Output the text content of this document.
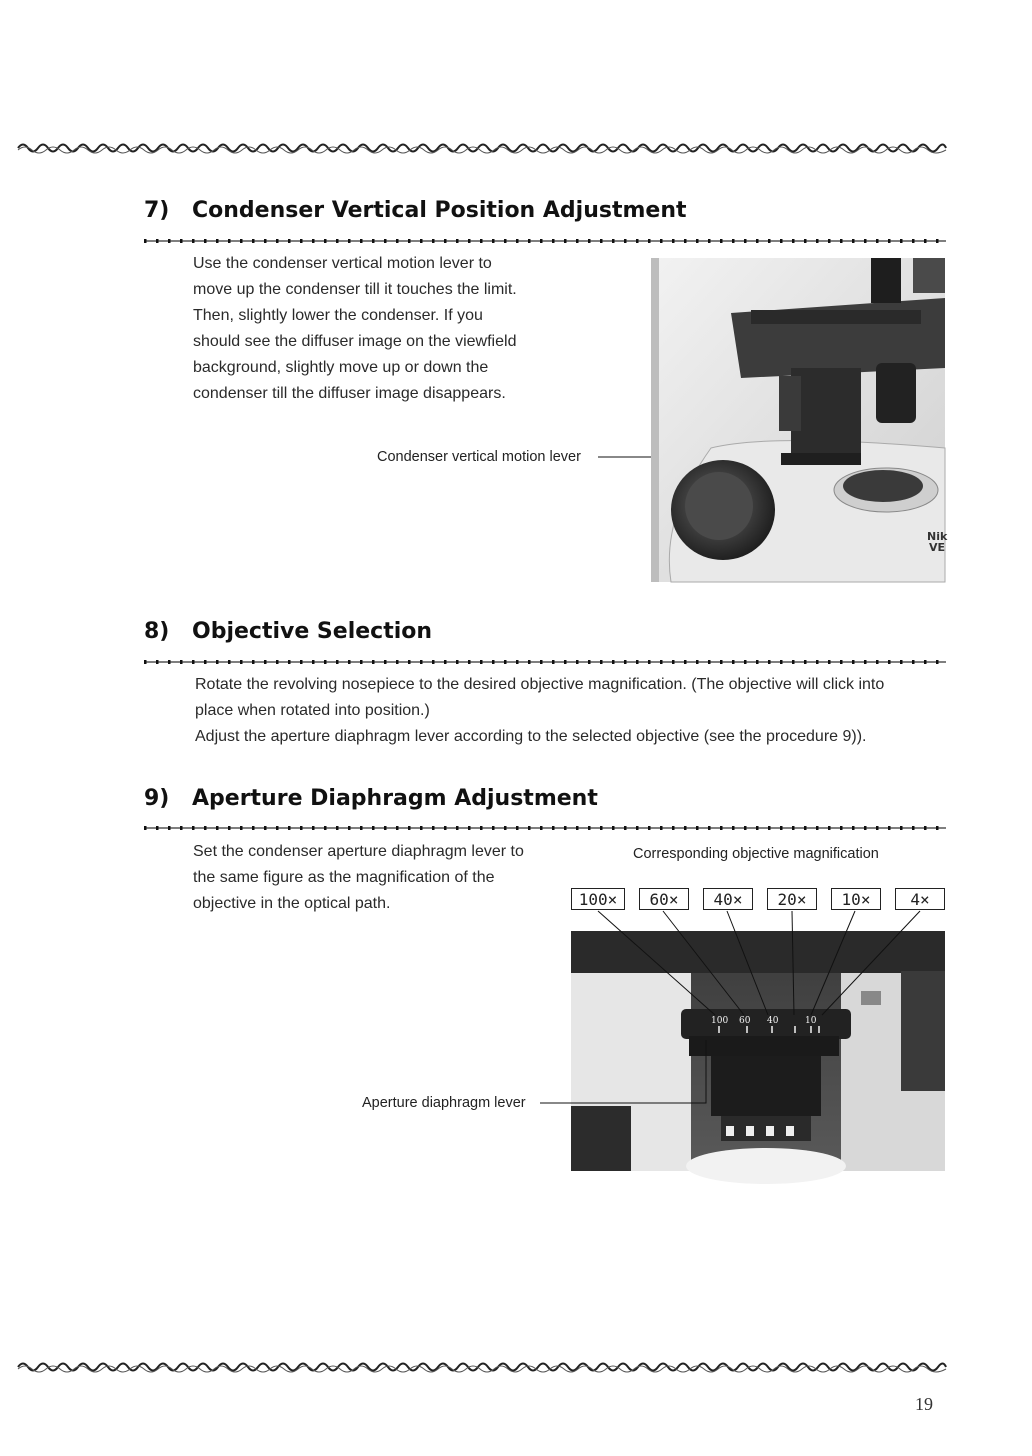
7) Condenser Vertical Position Adjustment

Use the condenser vertical motion lever to

move up the condenser till it touches the limit.

Then, slightly lower the condenser. If you

should see the diffuser image on the viewfield

background, slightly move up or down the

condenser till the diffuser image disappears.

Condenser vertical motion lever
Nik VE
8) Objective Selection

Rotate the revolving nosepiece to the desired objective magnification. (The objective will click into

place when rotated into position.)

Adjust the aperture diaphragm lever according to the selected objective (see the procedure 9)).

9) Aperture Diaphragm Adjustment

Set the condenser aperture diaphragm lever to

the same figure as the magnification of the

objective in the optical path.

Corresponding objective magnification
100×	60×	40×	20×	10×	4×
100 60 40	10
Aperture diaphragm lever
19
